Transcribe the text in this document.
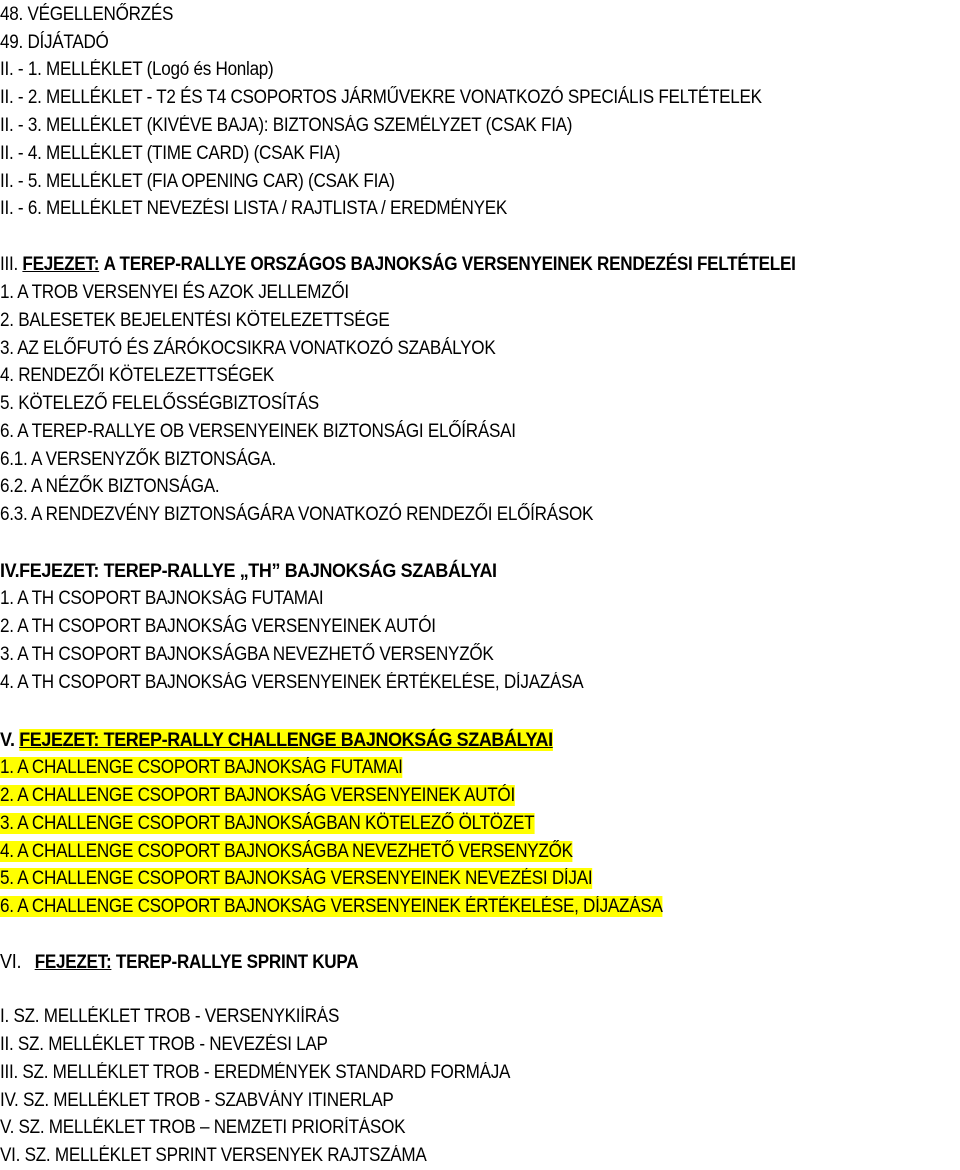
48. VÉGELLENŐRZÉS
49. DÍJÁTADÓ
II. - 1. MELLÉKLET (Logó és Honlap)
II. - 2. MELLÉKLET - T2 ÉS T4 CSOPORTOS JÁRMŰVEKRE VONATKOZÓ SPECIÁLIS FELTÉTELEK
II. - 3. MELLÉKLET (KIVÉVE BAJA): BIZTONSÁG SZEMÉLYZET (CSAK FIA)
II. - 4. MELLÉKLET (TIME CARD) (CSAK FIA)
II. - 5. MELLÉKLET (FIA OPENING CAR) (CSAK FIA)
II. - 6. MELLÉKLET NEVEZÉSI LISTA / RAJTLISTA / EREDMÉNYEK
III. FEJEZET: A TEREP-RALLYE ORSZÁGOS BAJNOKSÁG VERSENYEINEK RENDEZÉSI FELTÉTELEI
1. A TROB VERSENYEI ÉS AZOK JELLEMZŐI
2. BALESETEK BEJELENTÉSI KÖTELEZETTSÉGE
3. AZ ELŐFUTÓ ÉS ZÁRÓKOCSIKRA VONATKOZÓ SZABÁLYOK
4. RENDEZŐI KÖTELEZETTSÉGEK
5. KÖTELEZŐ FELELŐSSÉGBIZTOSÍTÁS
6. A TEREP-RALLYE OB VERSENYEINEK BIZTONSÁGI ELŐÍRÁSAI
6.1. A VERSENYZŐK BIZTONSÁGA.
6.2. A NÉZŐK BIZTONSÁGA.
6.3. A RENDEZVÉNY BIZTONSÁGÁRA VONATKOZÓ RENDEZŐI ELŐÍRÁSOK
IV.FEJEZET: TEREP-RALLYE „TH” BAJNOKSÁG SZABÁLYAI
1. A TH CSOPORT BAJNOKSÁG FUTAMAI
2. A TH CSOPORT BAJNOKSÁG VERSENYEINEK AUTÓI
3. A TH CSOPORT BAJNOKSÁGBA NEVEZHETŐ VERSENYZŐK
4. A TH CSOPORT BAJNOKSÁG VERSENYEINEK ÉRTÉKELÉSE, DÍJAZÁSA
V. FEJEZET: TEREP-RALLY CHALLENGE BAJNOKSÁG SZABÁLYAI
1. A CHALLENGE CSOPORT BAJNOKSÁG FUTAMAI
2. A CHALLENGE CSOPORT BAJNOKSÁG VERSENYEINEK AUTÓI
3. A CHALLENGE CSOPORT BAJNOKSÁGBAN KÖTELEZŐ ÖLTÖZET
4. A CHALLENGE CSOPORT BAJNOKSÁGBA NEVEZHETŐ VERSENYZŐK
5. A CHALLENGE CSOPORT BAJNOKSÁG VERSENYEINEK NEVEZÉSI DÍJAI
6. A CHALLENGE CSOPORT BAJNOKSÁG VERSENYEINEK ÉRTÉKELÉSE, DÍJAZÁSA
VI. FEJEZET: TEREP-RALLYE SPRINT KUPA
I. SZ. MELLÉKLET TROB - VERSENYKIÍRÁS
II. SZ. MELLÉKLET TROB - NEVEZÉSI LAP
III. SZ. MELLÉKLET TROB - EREDMÉNYEK STANDARD FORMÁJA
IV. SZ. MELLÉKLET TROB - SZABVÁNY ITINERLAP
V. SZ. MELLÉKLET TROB – NEMZETI PRIORÍTÁSOK
VI. SZ. MELLÉKLET SPRINT VERSENYEK RAJTSZÁMA
